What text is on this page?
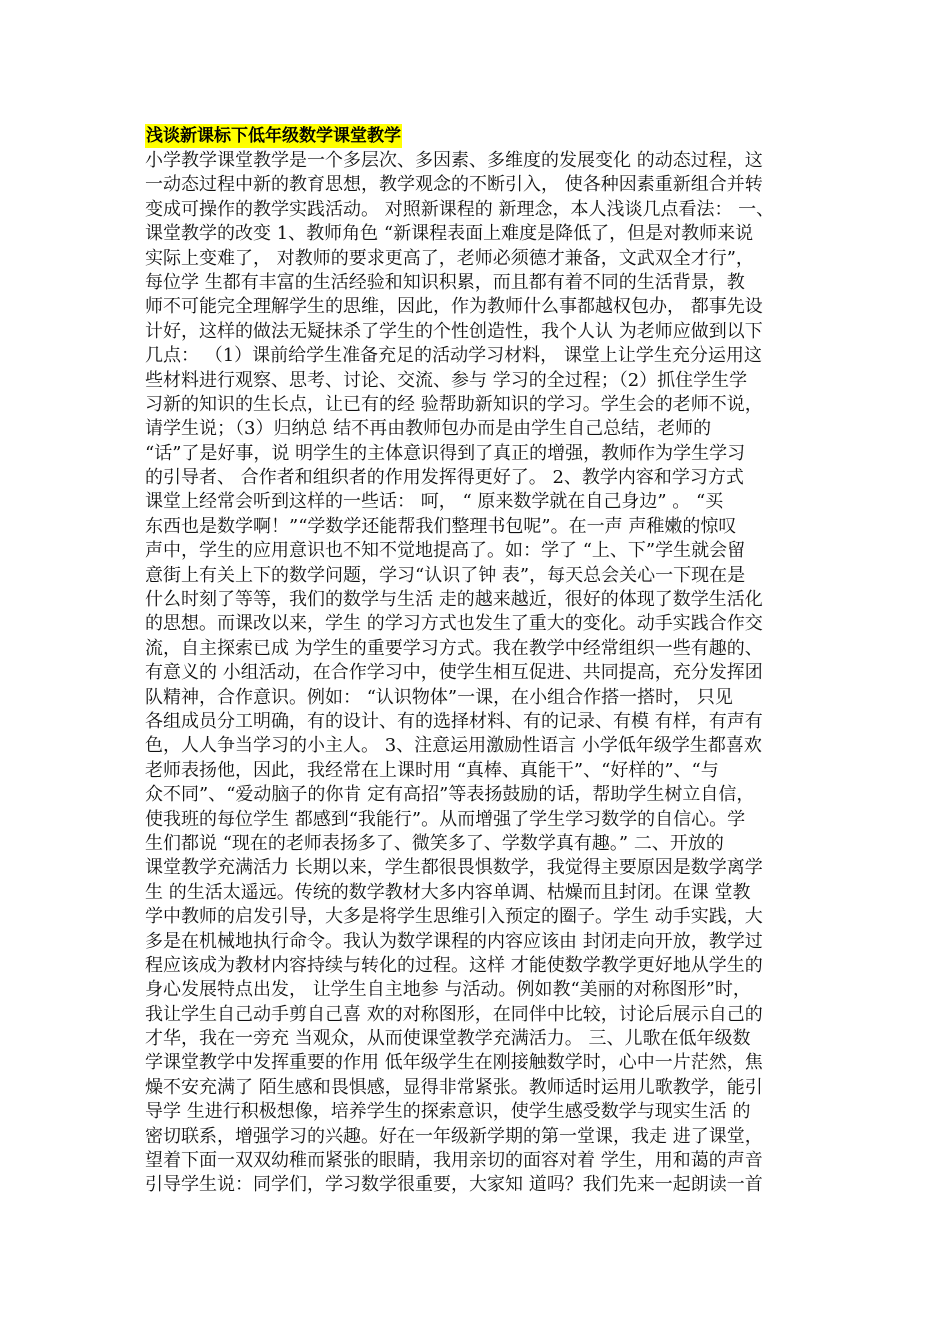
浅谈新课标下低年级数学课堂教学
小学教学课堂教学是一个多层次、多因素、多维度的发展变化 的动态过程，这
一动态过程中新的教育思想，教学观念的不断引入， 使各种因素重新组合并转
变成可操作的教学实践活动。 对照新课程的 新理念，本人浅谈几点看法： 一、
课堂教学的改变 1、教师角色 “新课程表面上难度是降低了，但是对教师来说
实际上变难了， 对教师的要求更高了，老师必须德才兼备，文武双全才行”，
每位学 生都有丰富的生活经验和知识积累，而且都有着不同的生活背景，教
师不可能完全理解学生的思维，因此，作为教师什么事都越权包办， 都事先设
计好，这样的做法无疑抹杀了学生的个性创造性，我个人认 为老师应做到以下
几点： （1）课前给学生准备充足的活动学习材料， 课堂上让学生充分运用这
些材料进行观察、思考、讨论、交流、参与 学习的全过程；（2）抓住学生学
习新的知识的生长点，让已有的经 验帮助新知识的学习。学生会的老师不说，
请学生说；（3）归纳总 结不再由教师包办而是由学生自己总结，老师的
“话”了是好事，说 明学生的主体意识得到了真正的增强，教师作为学生学习
的引导者、 合作者和组织者的作用发挥得更好了。 2、教学内容和学习方式
课堂上经常会听到这样的一些话： 呵， “ 原来数学就在自己身边” 。 “买
东西也是数学啊！”“学数学还能帮我们整理书包呢”。在一声 声稚嫩的惊叹
声中，学生的应用意识也不知不觉地提高了。如：学了 “上、下”学生就会留
意街上有关上下的数学问题，学习“认识了钟 表”，每天总会关心一下现在是
什么时刻了等等，我们的数学与生活 走的越来越近，很好的体现了数学生活化
的思想。而课改以来，学生 的学习方式也发生了重大的变化。动手实践合作交
流，自主探索已成 为学生的重要学习方式。我在教学中经常组织一些有趣的、
有意义的 小组活动，在合作学习中，使学生相互促进、共同提高，充分发挥团
队精神，合作意识。例如： “认识物体”一课，在小组合作搭一搭时， 只见
各组成员分工明确，有的设计、有的选择材料、有的记录、有模 有样，有声有
色，人人争当学习的小主人。 3、注意运用激励性语言 小学低年级学生都喜欢
老师表扬他，因此，我经常在上课时用 “真棒、真能干”、“好样的”、“与
众不同”、“爱动脑子的你肯 定有高招”等表扬鼓励的话，帮助学生树立自信，
使我班的每位学生 都感到“我能行”。从而增强了学生学习数学的自信心。学
生们都说 “现在的老师表扬多了、微笑多了、学数学真有趣。” 二、开放的
课堂教学充满活力 长期以来，学生都很畏惧数学，我觉得主要原因是数学离学
生 的生活太遥远。传统的数学教材大多内容单调、枯燥而且封闭。在课 堂教
学中教师的启发引导，大多是将学生思维引入预定的圈子。学生 动手实践，大
多是在机械地执行命令。我认为数学课程的内容应该由 封闭走向开放，教学过
程应该成为教材内容持续与转化的过程。这样 才能使数学教学更好地从学生的
身心发展特点出发， 让学生自主地参 与活动。例如教“美丽的对称图形”时，
我让学生自己动手剪自己喜 欢的对称图形，在同伴中比较，讨论后展示自己的
才华，我在一旁充 当观众，从而使课堂教学充满活力。 三、儿歌在低年级数
学课堂教学中发挥重要的作用 低年级学生在刚接触数学时，心中一片茫然，焦
燥不安充满了 陌生感和畏惧感，显得非常紧张。教师适时运用儿歌教学，能引
导学 生进行积极想像，培养学生的探索意识，使学生感受数学与现实生活 的
密切联系，增强学习的兴趣。好在一年级新学期的第一堂课，我走 进了课堂，
望着下面一双双幼稚而紧张的眼睛，我用亲切的面容对着 学生，用和蔼的声音
引导学生说：同学们，学习数学很重要，大家知 道吗？我们先来一起朗读一首
